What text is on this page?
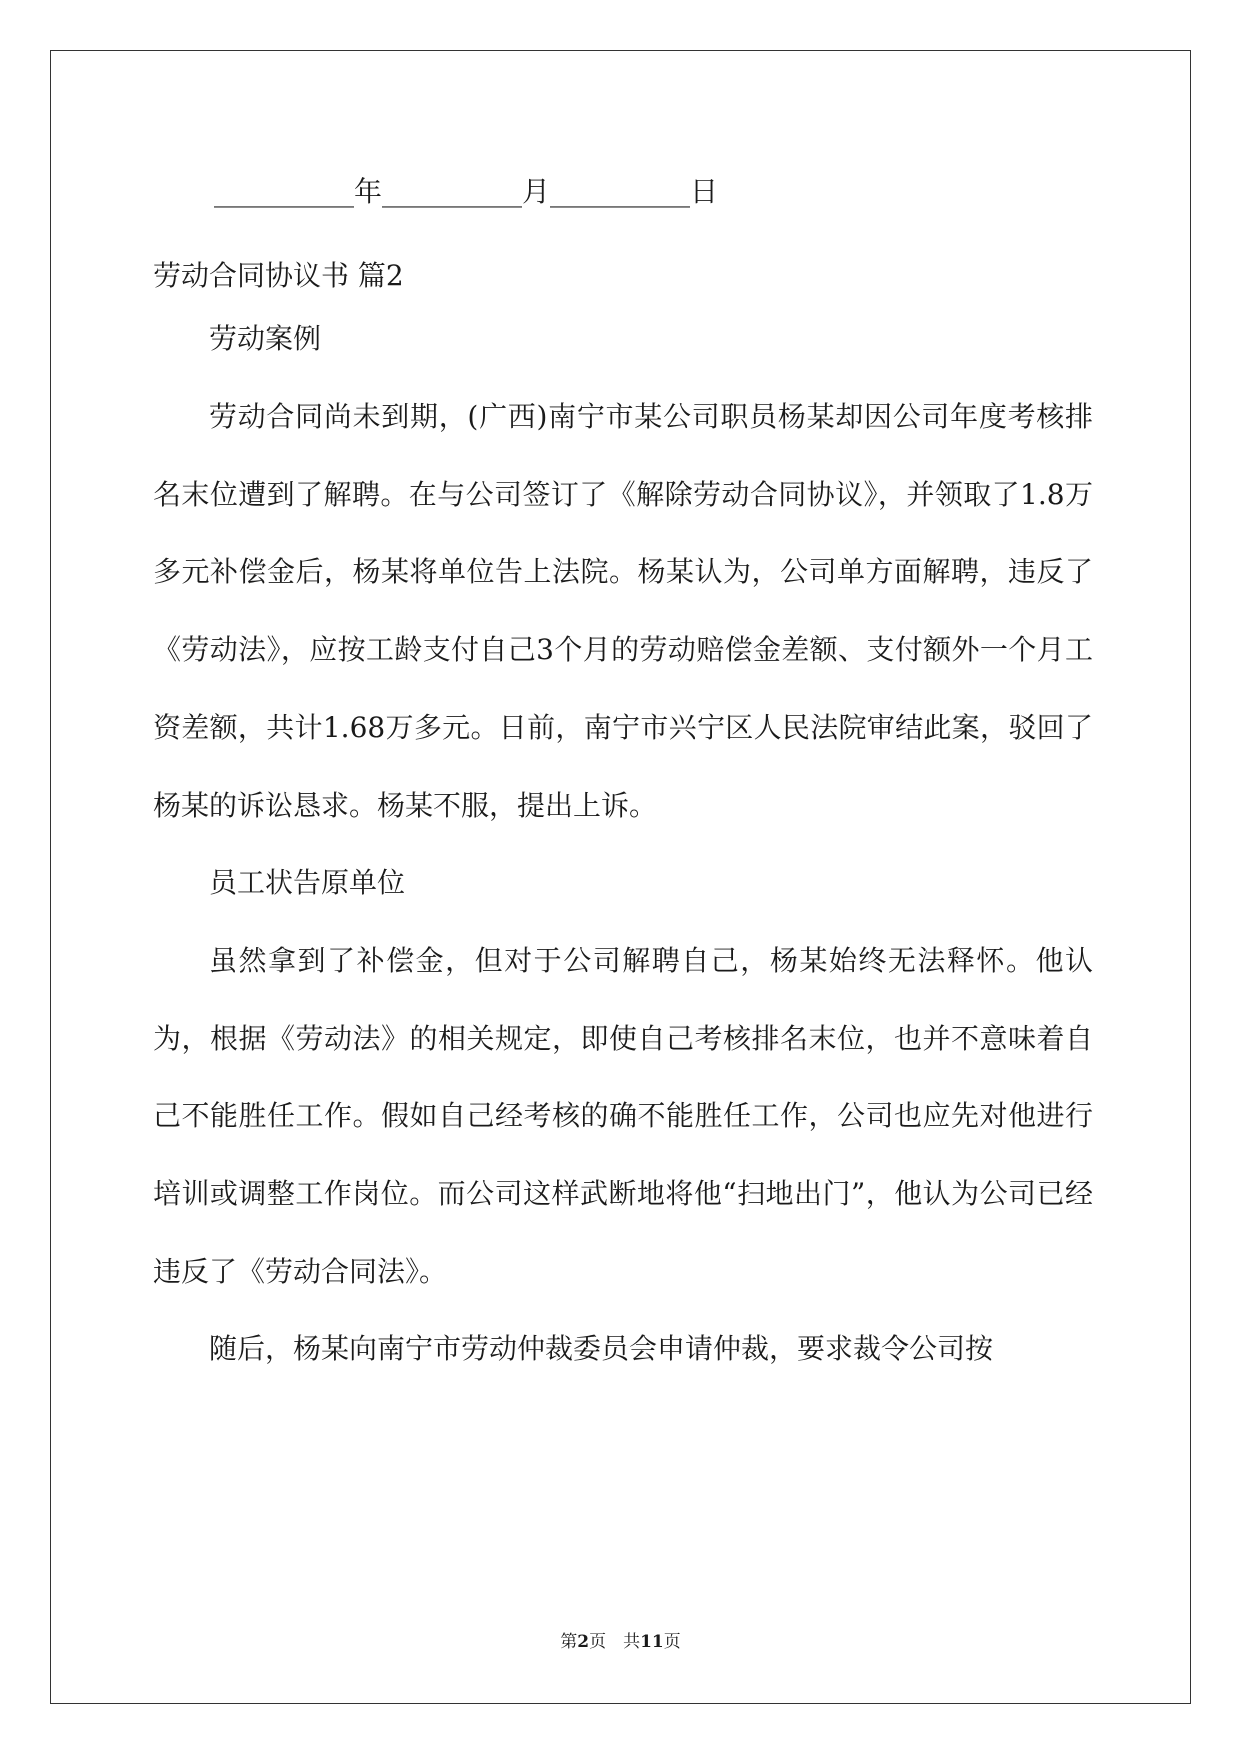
__________年__________月__________日

劳动合同协议书 篇2

劳动案例

劳动合同尚未到期，(广西)南宁市某公司职员杨某却因公司年度考核排名末位遭到了解聘。在与公司签订了《解除劳动合同协议》，并领取了1.8万多元补偿金后，杨某将单位告上法院。杨某认为，公司单方面解聘，违反了《劳动法》，应按工龄支付自己3个月的劳动赔偿金差额、支付额外一个月工资差额，共计1.68万多元。日前，南宁市兴宁区人民法院审结此案，驳回了杨某的诉讼恳求。杨某不服，提出上诉。

员工状告原单位

虽然拿到了补偿金，但对于公司解聘自己，杨某始终无法释怀。他认为，根据《劳动法》的相关规定，即使自己考核排名末位，也并不意味着自己不能胜任工作。假如自己经考核的确不能胜任工作，公司也应先对他进行培训或调整工作岗位。而公司这样武断地将他“扫地出门”，他认为公司已经违反了《劳动合同法》。

随后，杨某向南宁市劳动仲裁委员会申请仲裁，要求裁令公司按

第2页　共11页
